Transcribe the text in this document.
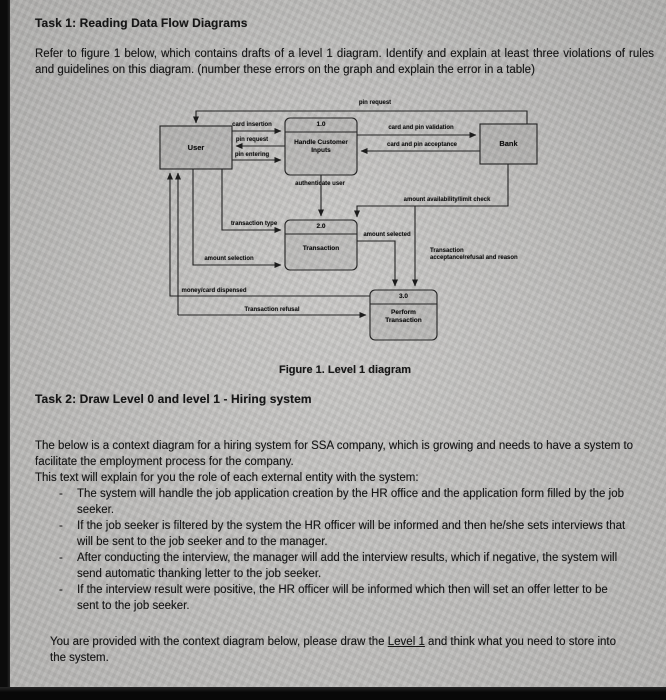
Task 1: Reading Data Flow Diagrams

Refer to figure 1 below, which contains drafts of a level 1 diagram. Identify and explain at least three violations of rules and guidelines on this diagram. (number these errors on the graph and explain the error in a table)

User	Bank
1.0
Handle Customer Inputs
2.0
Transaction
3.0
Perform Transaction
pin request
card insertion
pin request
pin entering
card and pin validation
card and pin acceptance
authenticate user
transaction type
amount selection
amount selected
amount availability/limit check
Transaction acceptance/refusal and reason
money/card dispensed
Transaction refusal
Figure 1. Level 1 diagram
Task 2: Draw Level 0 and level 1 - Hiring system

The below is a context diagram for a hiring system for SSA company, which is growing and needs to have a system to facilitate the employment process for the company.

This text will explain for you the role of each external entity with the system:

-	The system will handle the job application creation by the HR office and the application form filled by the job seeker.
-	If the job seeker is filtered by the system the HR officer will be informed and then he/she sets interviews that will be sent to the job seeker and to the manager.
-	After conducting the interview, the manager will add the interview results, which if negative, the system will send automatic thanking letter to the job seeker.
-	If the interview result were positive, the HR officer will be informed which then will set an offer letter to be sent to the job seeker.

You are provided with the context diagram below, please draw the Level 1 and think what you need to store into the system.
